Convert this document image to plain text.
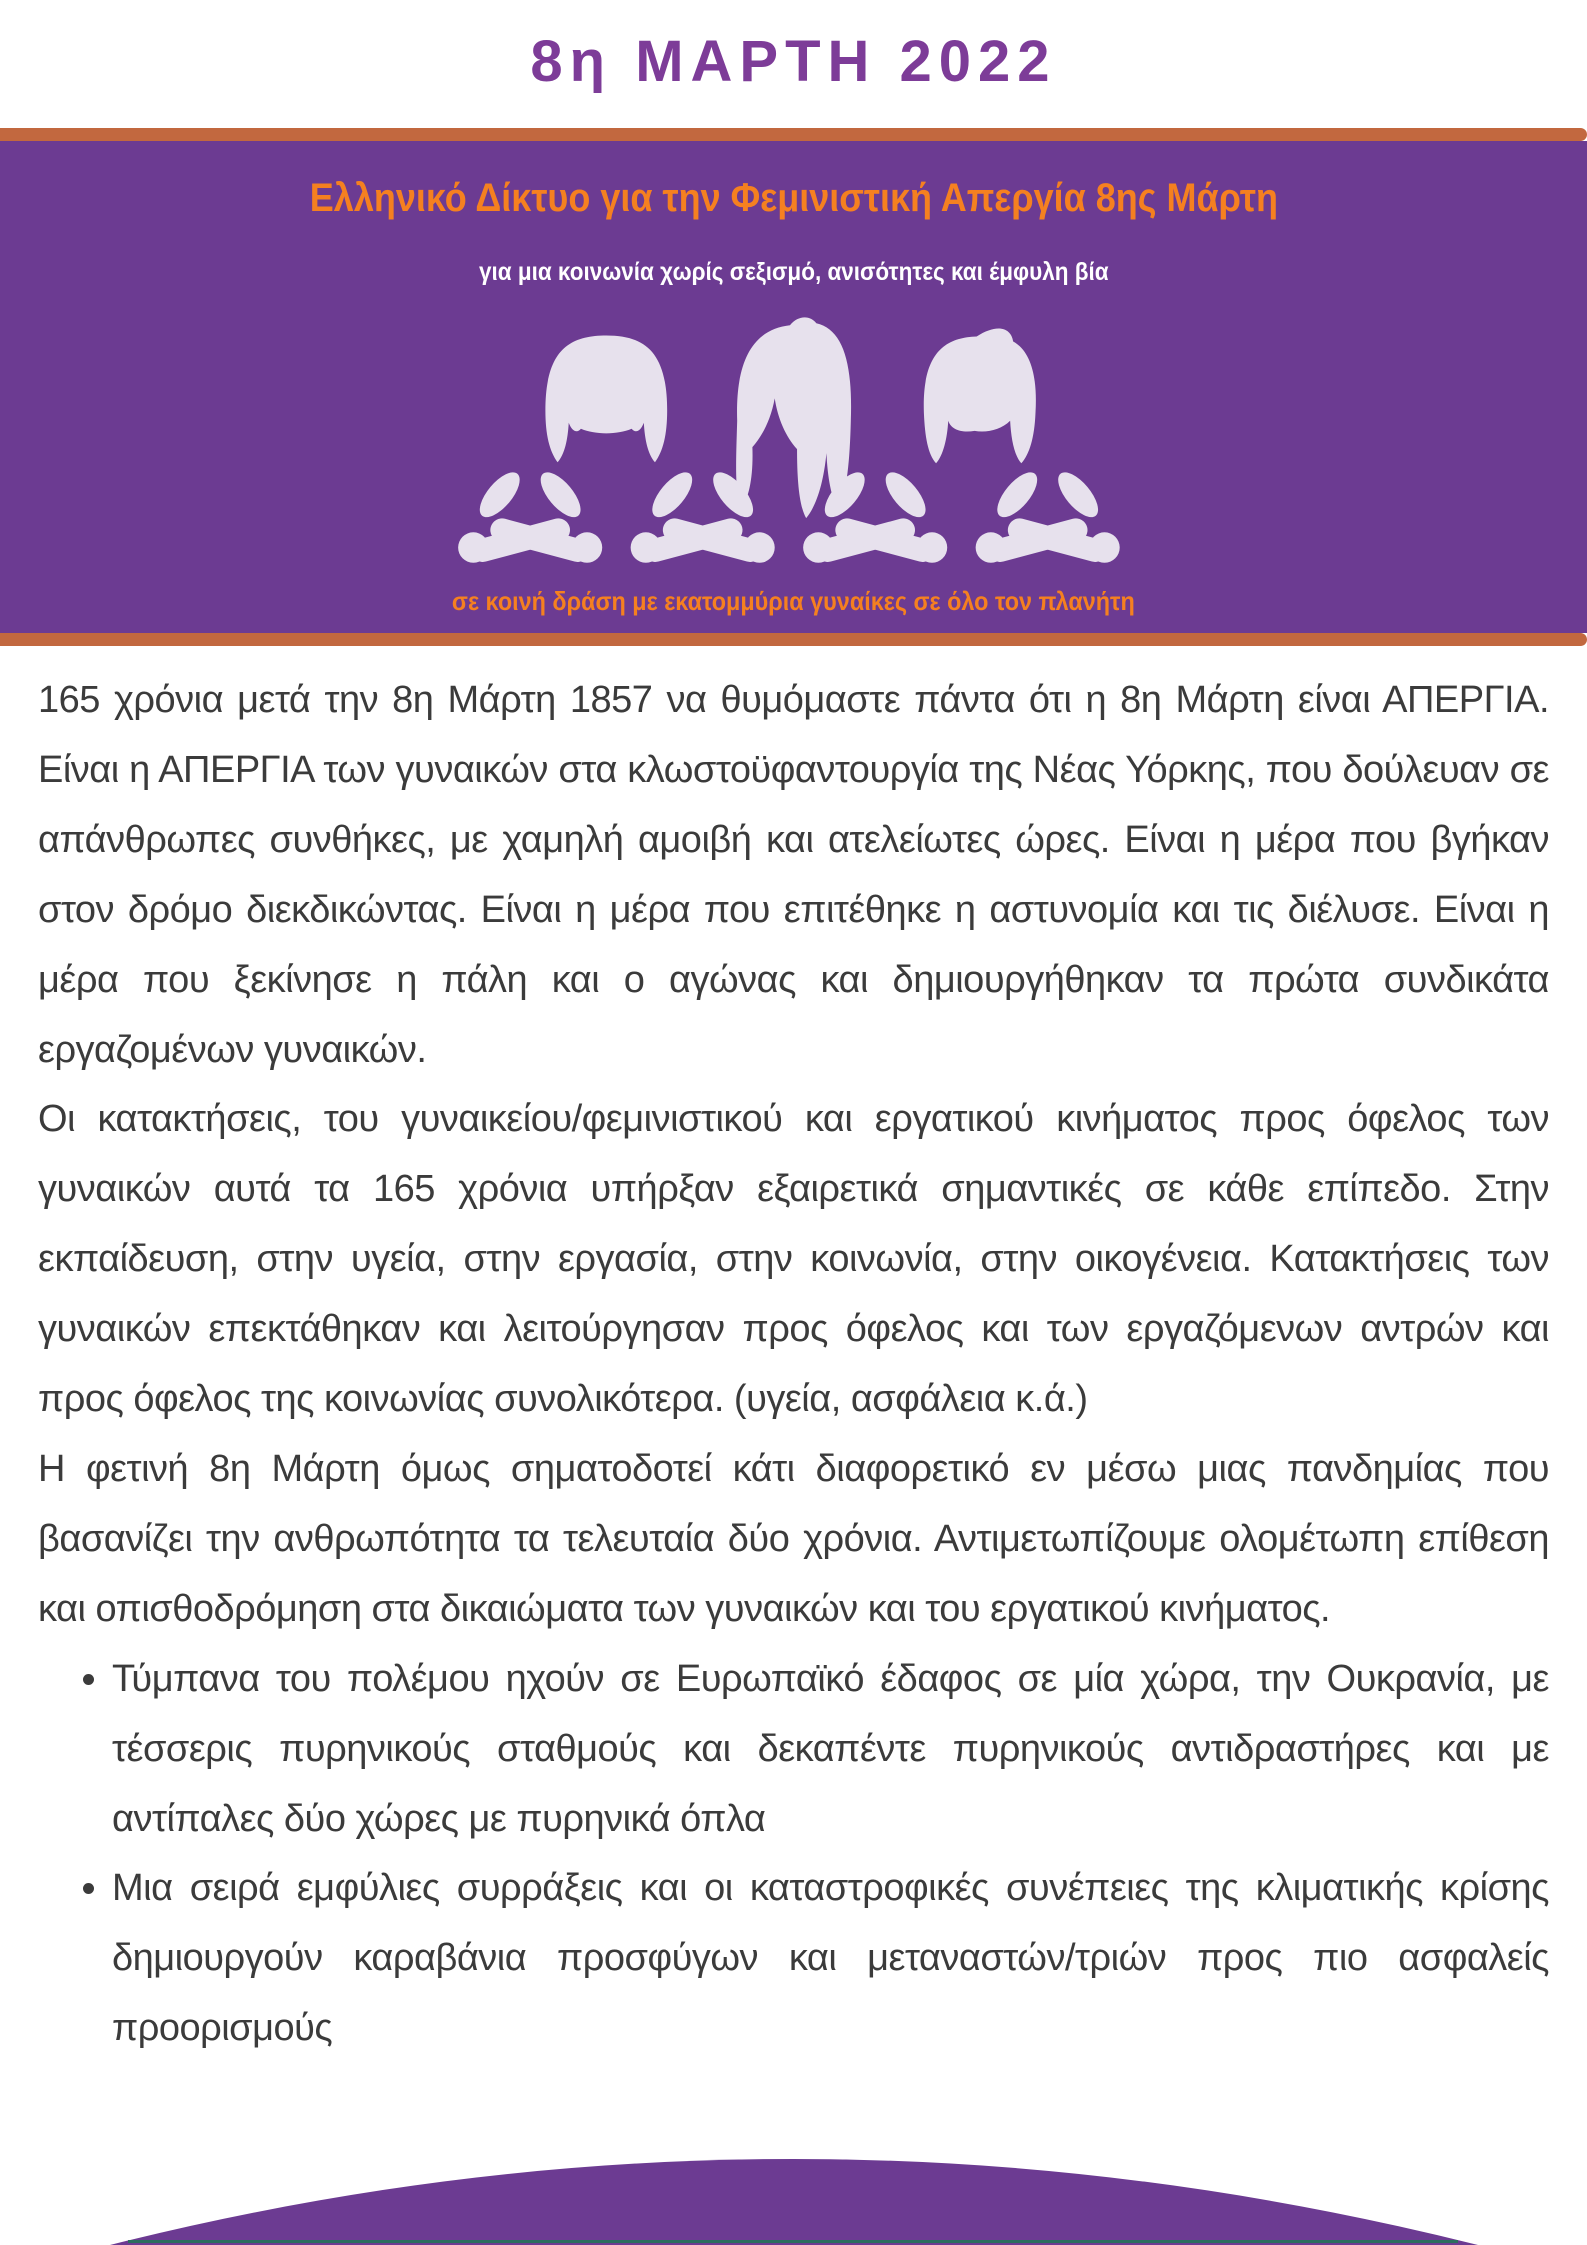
8η ΜΑΡΤΗ 2022
Ελληνικό Δίκτυο για την Φεμινιστική Απεργία 8ης Μάρτη
για μια κοινωνία χωρίς σεξισμό, ανισότητες και έμφυλη βία
σε κοινή δράση με εκατομμύρια γυναίκες σε όλο τον πλανήτη

165 χρόνια μετά την 8η Μάρτη 1857 να θυμόμαστε πάντα ότι η 8η Μάρτη είναι ΑΠΕΡΓΙΑ. Είναι η ΑΠΕΡΓΙΑ των γυναικών στα κλωστοϋφαντουργία της Νέας Υόρκης, που δούλευαν σε απάνθρωπες συνθήκες, με χαμηλή αμοιβή και ατελείωτες ώρες. Είναι η μέρα που βγήκαν στον δρόμο διεκδικώντας. Είναι η μέρα που επιτέθηκε η αστυνομία και τις διέλυσε. Είναι η μέρα που ξεκίνησε η πάλη και ο αγώνας και δημιουργήθηκαν τα πρώτα συνδικάτα εργαζομένων γυναικών.

Οι κατακτήσεις, του γυναικείου/φεμινιστικού και εργατικού κινήματος προς όφελος των γυναικών αυτά τα 165 χρόνια υπήρξαν εξαιρετικά σημαντικές σε κάθε επίπεδο. Στην εκπαίδευση, στην υγεία, στην εργασία, στην κοινωνία, στην οικογένεια. Κατακτήσεις των γυναικών επεκτάθηκαν και λειτούργησαν προς όφελος και των εργαζόμενων αντρών και προς όφελος της κοινωνίας συνολικότερα. (υγεία, ασφάλεια κ.ά.)

Η φετινή 8η Μάρτη όμως σηματοδοτεί κάτι διαφορετικό εν μέσω μιας πανδημίας που βασανίζει την ανθρωπότητα τα τελευταία δύο χρόνια. Αντιμετωπίζουμε ολομέτωπη επίθεση και οπισθοδρόμηση στα δικαιώματα των γυναικών και του εργατικού κινήματος.

• Τύμπανα του πολέμου ηχούν σε Ευρωπαϊκό έδαφος σε μία χώρα, την Ουκρανία, με τέσσερις πυρηνικούς σταθμούς και δεκαπέντε πυρηνικούς αντιδραστήρες και με αντίπαλες δύο χώρες με πυρηνικά όπλα
• Μια σειρά εμφύλιες συρράξεις και οι καταστροφικές συνέπειες της κλιματικής κρίσης δημιουργούν καραβάνια προσφύγων και μεταναστών/τριών προς πιο ασφαλείς προορισμούς
